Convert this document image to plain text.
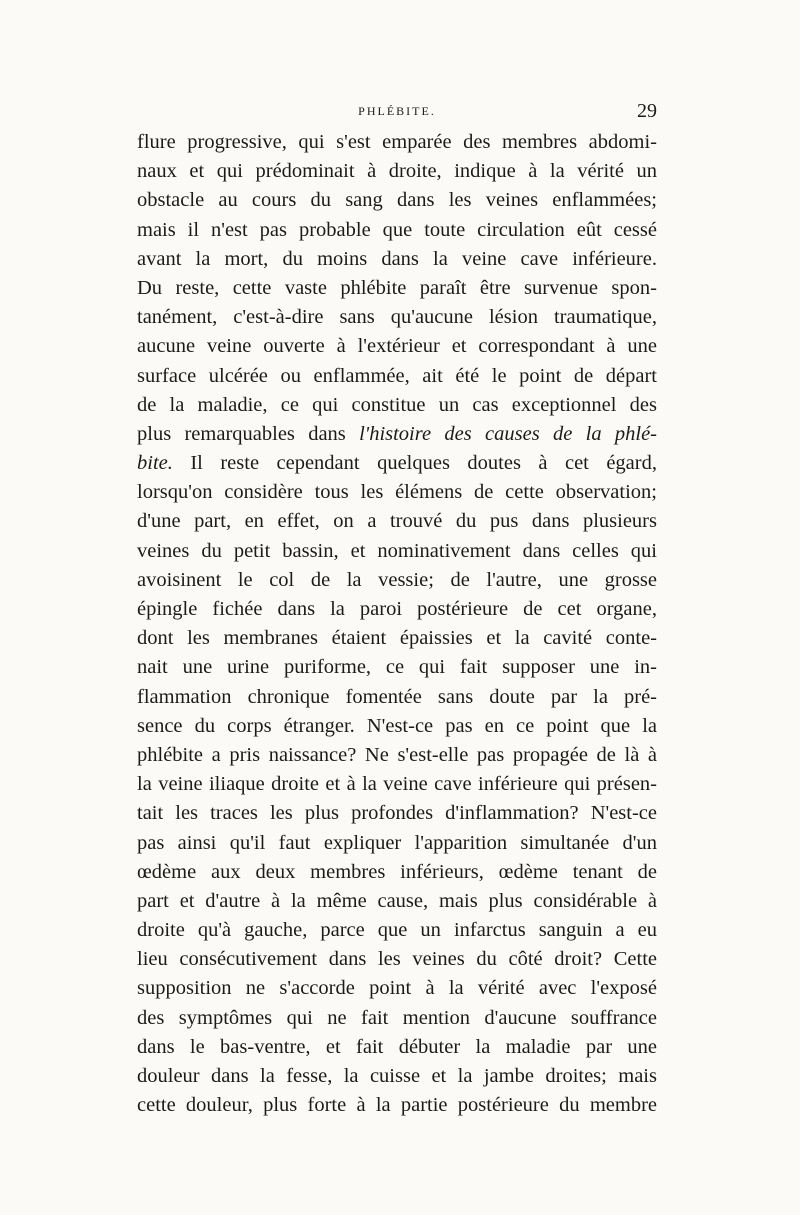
PHLÉBITE.	29
flure progressive, qui s'est emparée des membres abdomi-
naux et qui prédominait à droite, indique à la vérité un
obstacle au cours du sang dans les veines enflammées;
mais il n'est pas probable que toute circulation eût cessé
avant la mort, du moins dans la veine cave inférieure.
Du reste, cette vaste phlébite paraît être survenue spon-
tanément, c'est-à-dire sans qu'aucune lésion traumatique,
aucune veine ouverte à l'extérieur et correspondant à une
surface ulcérée ou enflammée, ait été le point de départ
de la maladie, ce qui constitue un cas exceptionnel des
plus remarquables dans l'histoire des causes de la phlé-
bite. Il reste cependant quelques doutes à cet égard,
lorsqu'on considère tous les élémens de cette observation;
d'une part, en effet, on a trouvé du pus dans plusieurs
veines du petit bassin, et nominativement dans celles qui
avoisinent le col de la vessie; de l'autre, une grosse
épingle fichée dans la paroi postérieure de cet organe,
dont les membranes étaient épaissies et la cavité conte-
nait une urine puriforme, ce qui fait supposer une in-
flammation chronique fomentée sans doute par la pré-
sence du corps étranger. N'est-ce pas en ce point que la
phlébite a pris naissance? Ne s'est-elle pas propagée de là à
la veine iliaque droite et à la veine cave inférieure qui présen-
tait les traces les plus profondes d'inflammation? N'est-ce
pas ainsi qu'il faut expliquer l'apparition simultanée d'un
œdème aux deux membres inférieurs, œdème tenant de
part et d'autre à la même cause, mais plus considérable à
droite qu'à gauche, parce que un infarctus sanguin a eu
lieu consécutivement dans les veines du côté droit? Cette
supposition ne s'accorde point à la vérité avec l'exposé
des symptômes qui ne fait mention d'aucune souffrance
dans le bas-ventre, et fait débuter la maladie par une
douleur dans la fesse, la cuisse et la jambe droites; mais
cette douleur, plus forte à la partie postérieure du membre
